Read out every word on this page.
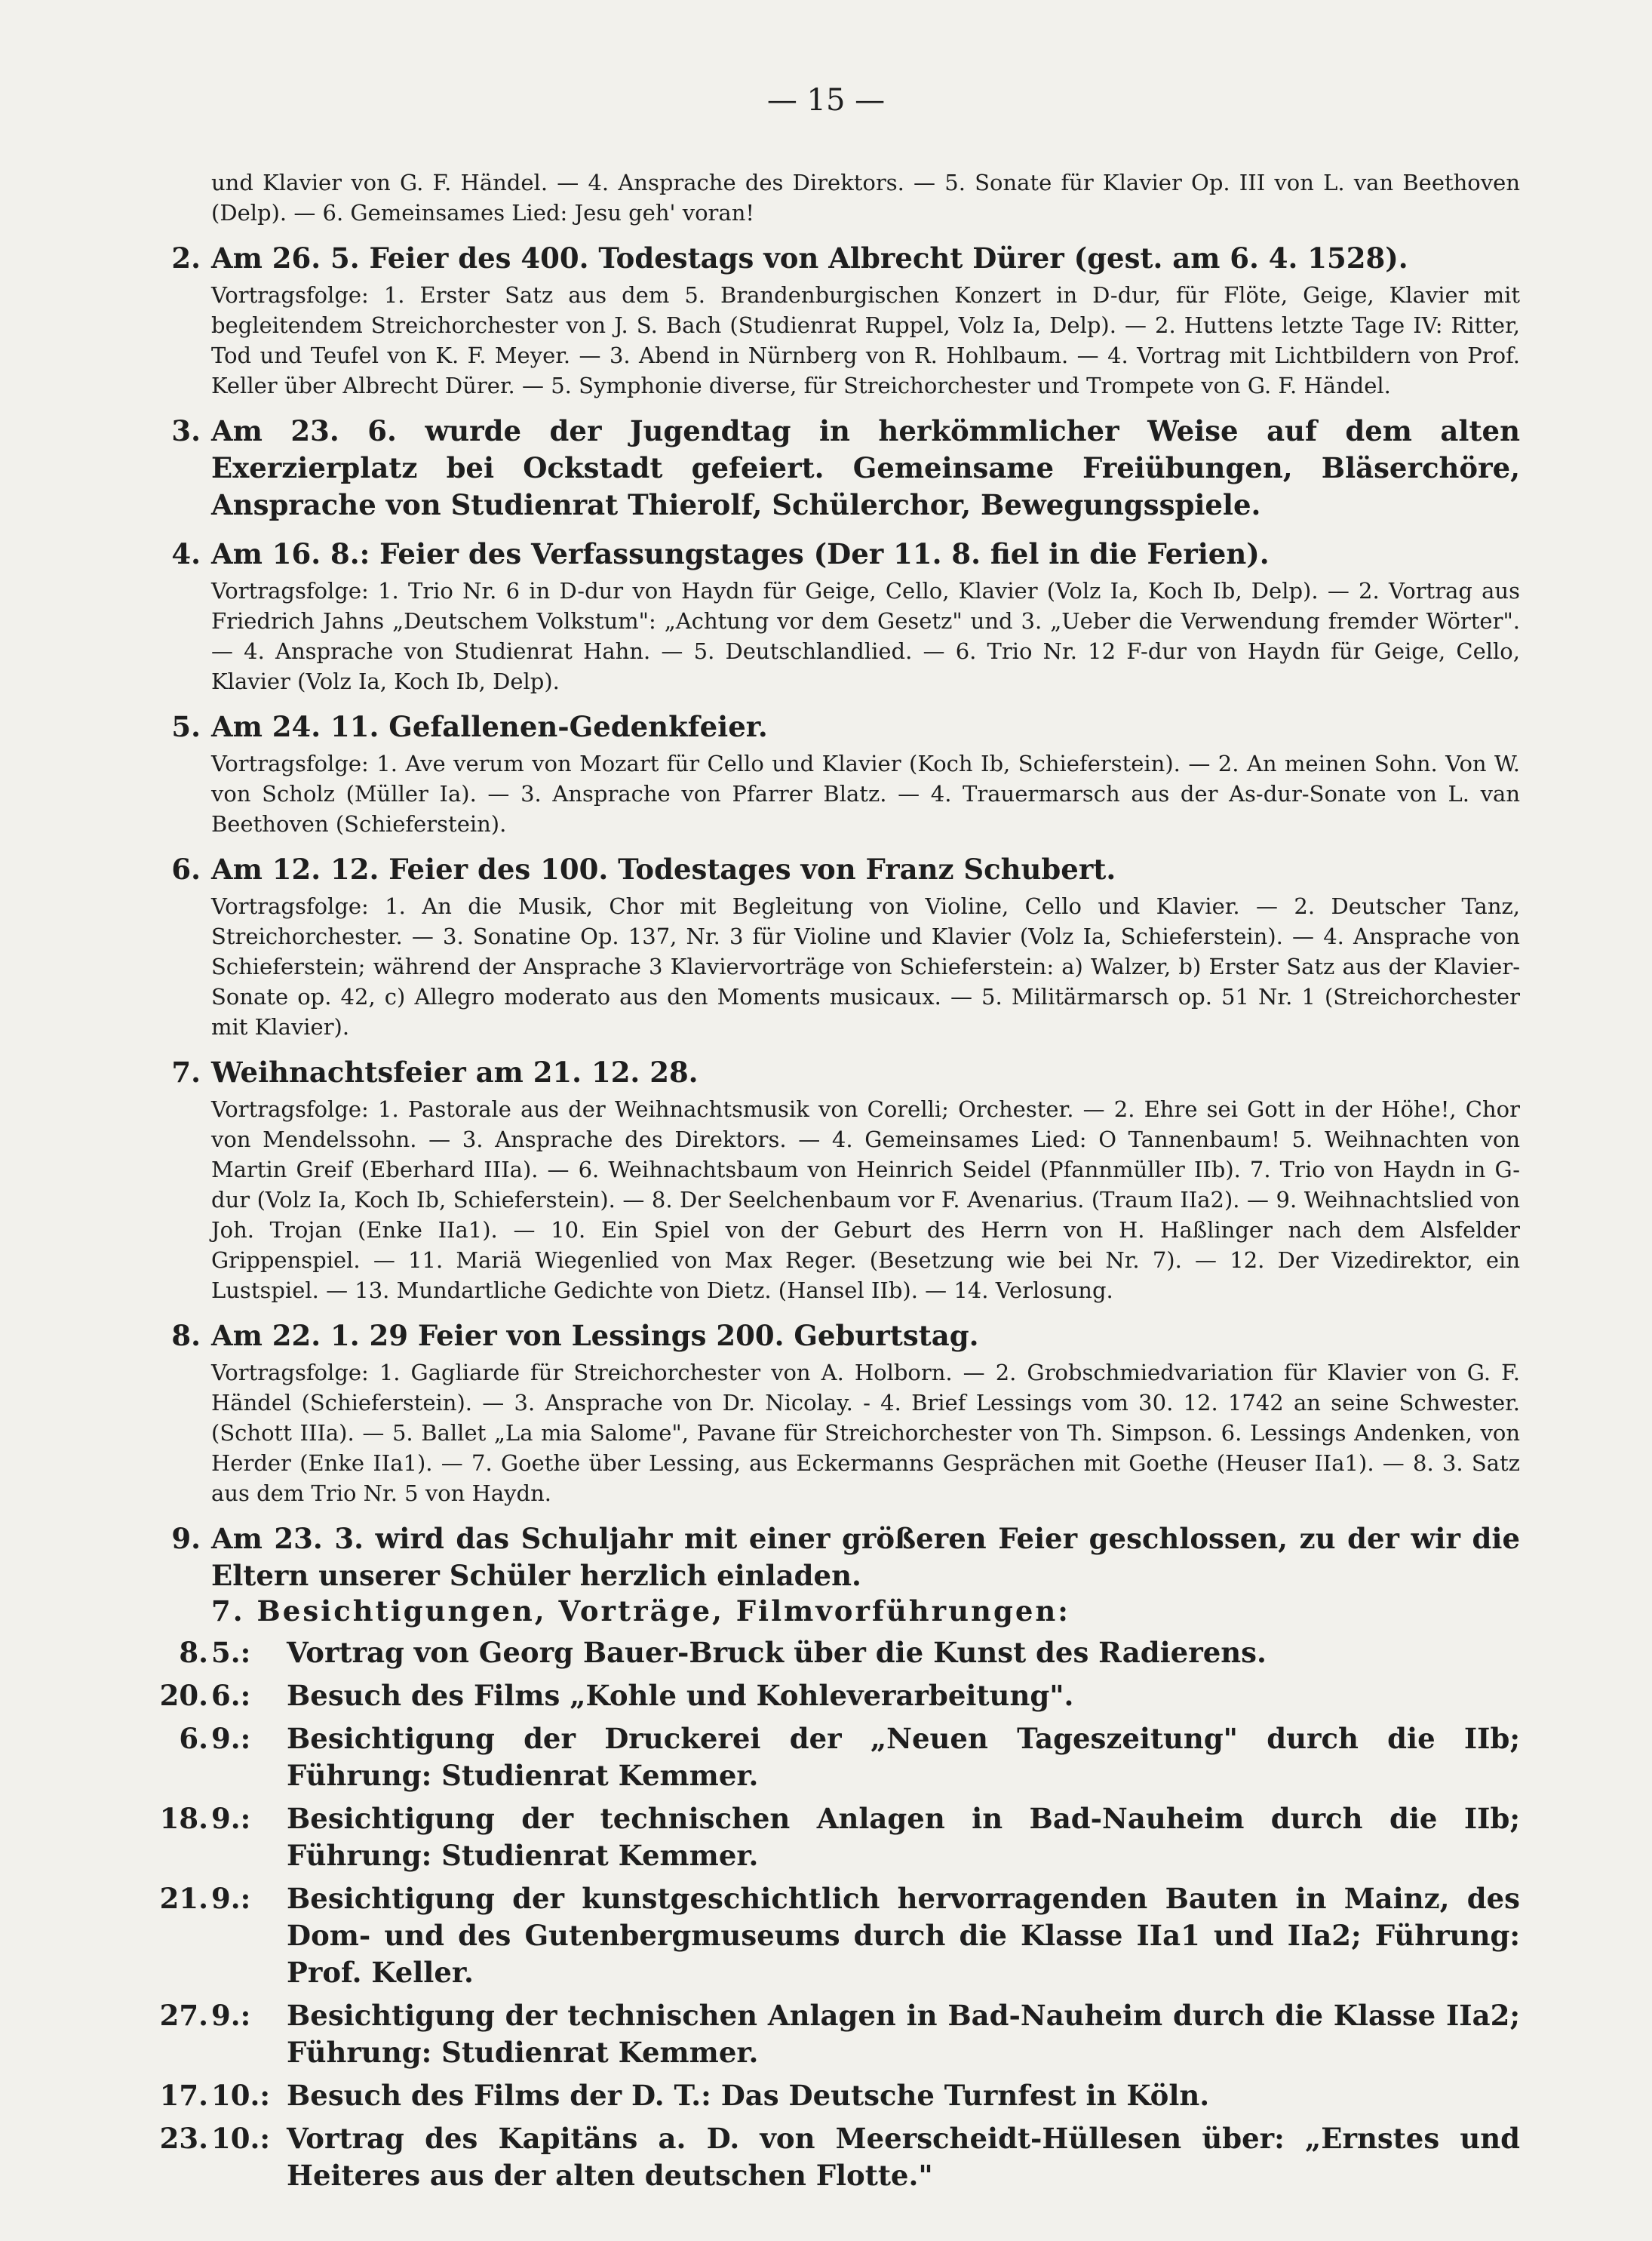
— 15 —

und Klavier von G. F. Händel. — 4. Ansprache des Direktors. — 5. Sonate für Klavier Op. III von L. van Beethoven (Delp). — 6. Gemeinsames Lied: Jesu geh' voran!

2. Am 26. 5. Feier des 400. Todestags von Albrecht Dürer (gest. am 6. 4. 1528).

Vortragsfolge: 1. Erster Satz aus dem 5. Brandenburgischen Konzert in D-dur, für Flöte, Geige, Klavier mit begleitendem Streichorchester von J. S. Bach (Studienrat Ruppel, Volz Ia, Delp). — 2. Huttens letzte Tage IV: Ritter, Tod und Teufel von K. F. Meyer. — 3. Abend in Nürnberg von R. Hohlbaum. — 4. Vortrag mit Lichtbildern von Prof. Keller über Albrecht Dürer. — 5. Symphonie diverse, für Streichorchester und Trompete von G. F. Händel.

3. Am 23. 6. wurde der Jugendtag in herkömmlicher Weise auf dem alten Exerzierplatz bei Ockstadt gefeiert. Gemeinsame Freiübungen, Bläserchöre, Ansprache von Studienrat Thierolf, Schülerchor, Bewegungsspiele.
4. Am 16. 8.: Feier des Verfassungstages (Der 11. 8. fiel in die Ferien).

Vortragsfolge: 1. Trio Nr. 6 in D-dur von Haydn für Geige, Cello, Klavier (Volz Ia, Koch Ib, Delp). — 2. Vortrag aus Friedrich Jahns „Deutschem Volkstum": „Achtung vor dem Gesetz" und 3. „Ueber die Verwendung fremder Wörter". — 4. Ansprache von Studienrat Hahn. — 5. Deutschlandlied. — 6. Trio Nr. 12 F-dur von Haydn für Geige, Cello, Klavier (Volz Ia, Koch Ib, Delp).

5. Am 24. 11. Gefallenen-Gedenkfeier.

Vortragsfolge: 1. Ave verum von Mozart für Cello und Klavier (Koch Ib, Schieferstein). — 2. An meinen Sohn. Von W. von Scholz (Müller Ia). — 3. Ansprache von Pfarrer Blatz. — 4. Trauermarsch aus der As-dur-Sonate von L. van Beethoven (Schieferstein).

6. Am 12. 12. Feier des 100. Todestages von Franz Schubert.

Vortragsfolge: 1. An die Musik, Chor mit Begleitung von Violine, Cello und Klavier. — 2. Deutscher Tanz, Streichorchester. — 3. Sonatine Op. 137, Nr. 3 für Violine und Klavier (Volz Ia, Schieferstein). — 4. Ansprache von Schieferstein; während der Ansprache 3 Klaviervorträge von Schieferstein: a) Walzer, b) Erster Satz aus der Klavier-Sonate op. 42, c) Allegro moderato aus den Moments musicaux. — 5. Militärmarsch op. 51 Nr. 1 (Streichorchester mit Klavier).

7. Weihnachtsfeier am 21. 12. 28.

Vortragsfolge: 1. Pastorale aus der Weihnachtsmusik von Corelli; Orchester. — 2. Ehre sei Gott in der Höhe!, Chor von Mendelssohn. — 3. Ansprache des Direktors. — 4. Gemeinsames Lied: O Tannenbaum! 5. Weihnachten von Martin Greif (Eberhard IIIa). — 6. Weihnachtsbaum von Heinrich Seidel (Pfannmüller IIb). 7. Trio von Haydn in G-dur (Volz Ia, Koch Ib, Schieferstein). — 8. Der Seelchenbaum vor F. Avenarius. (Traum IIa2). — 9. Weihnachtslied von Joh. Trojan (Enke IIa1). — 10. Ein Spiel von der Geburt des Herrn von H. Haßlinger nach dem Alsfelder Grippenspiel. — 11. Mariä Wiegenlied von Max Reger. (Besetzung wie bei Nr. 7). — 12. Der Vizedirektor, ein Lustspiel. — 13. Mundartliche Gedichte von Dietz. (Hansel IIb). — 14. Verlosung.

8. Am 22. 1. 29 Feier von Lessings 200. Geburtstag.

Vortragsfolge: 1. Gagliarde für Streichorchester von A. Holborn. — 2. Grobschmiedvariation für Klavier von G. F. Händel (Schieferstein). — 3. Ansprache von Dr. Nicolay. - 4. Brief Lessings vom 30. 12. 1742 an seine Schwester. (Schott IIIa). — 5. Ballet „La mia Salome", Pavane für Streichorchester von Th. Simpson. 6. Lessings Andenken, von Herder (Enke IIa1). — 7. Goethe über Lessing, aus Eckermanns Gesprächen mit Goethe (Heuser IIa1). — 8. 3. Satz aus dem Trio Nr. 5 von Haydn.

9. Am 23. 3. wird das Schuljahr mit einer größeren Feier geschlossen, zu der wir die Eltern unserer Schüler herzlich einladen.
7. Besichtigungen, Vorträge, Filmvorführungen:
8. 5.:	Vortrag von Georg Bauer-Bruck über die Kunst des Radierens.
20. 6.:	Besuch des Films „Kohle und Kohleverarbeitung".
6. 9.:	Besichtigung der Druckerei der „Neuen Tageszeitung" durch die IIb; Führung: Studienrat Kemmer.
18. 9.:	Besichtigung der technischen Anlagen in Bad-Nauheim durch die IIb; Führung: Studienrat Kemmer.
21. 9.:	Besichtigung der kunstgeschichtlich hervorragenden Bauten in Mainz, des Dom- und des Gutenbergmuseums durch die Klasse IIa1 und IIa2; Führung: Prof. Keller.
27. 9.:	Besichtigung der technischen Anlagen in Bad-Nauheim durch die Klasse IIa2; Führung: Studienrat Kemmer.
17. 10.: Besuch des Films der D. T.: Das Deutsche Turnfest in Köln.
23. 10.: Vortrag des Kapitäns a. D. von Meerscheidt-Hüllesen über: „Ernstes und Heiteres aus der alten deutschen Flotte."
